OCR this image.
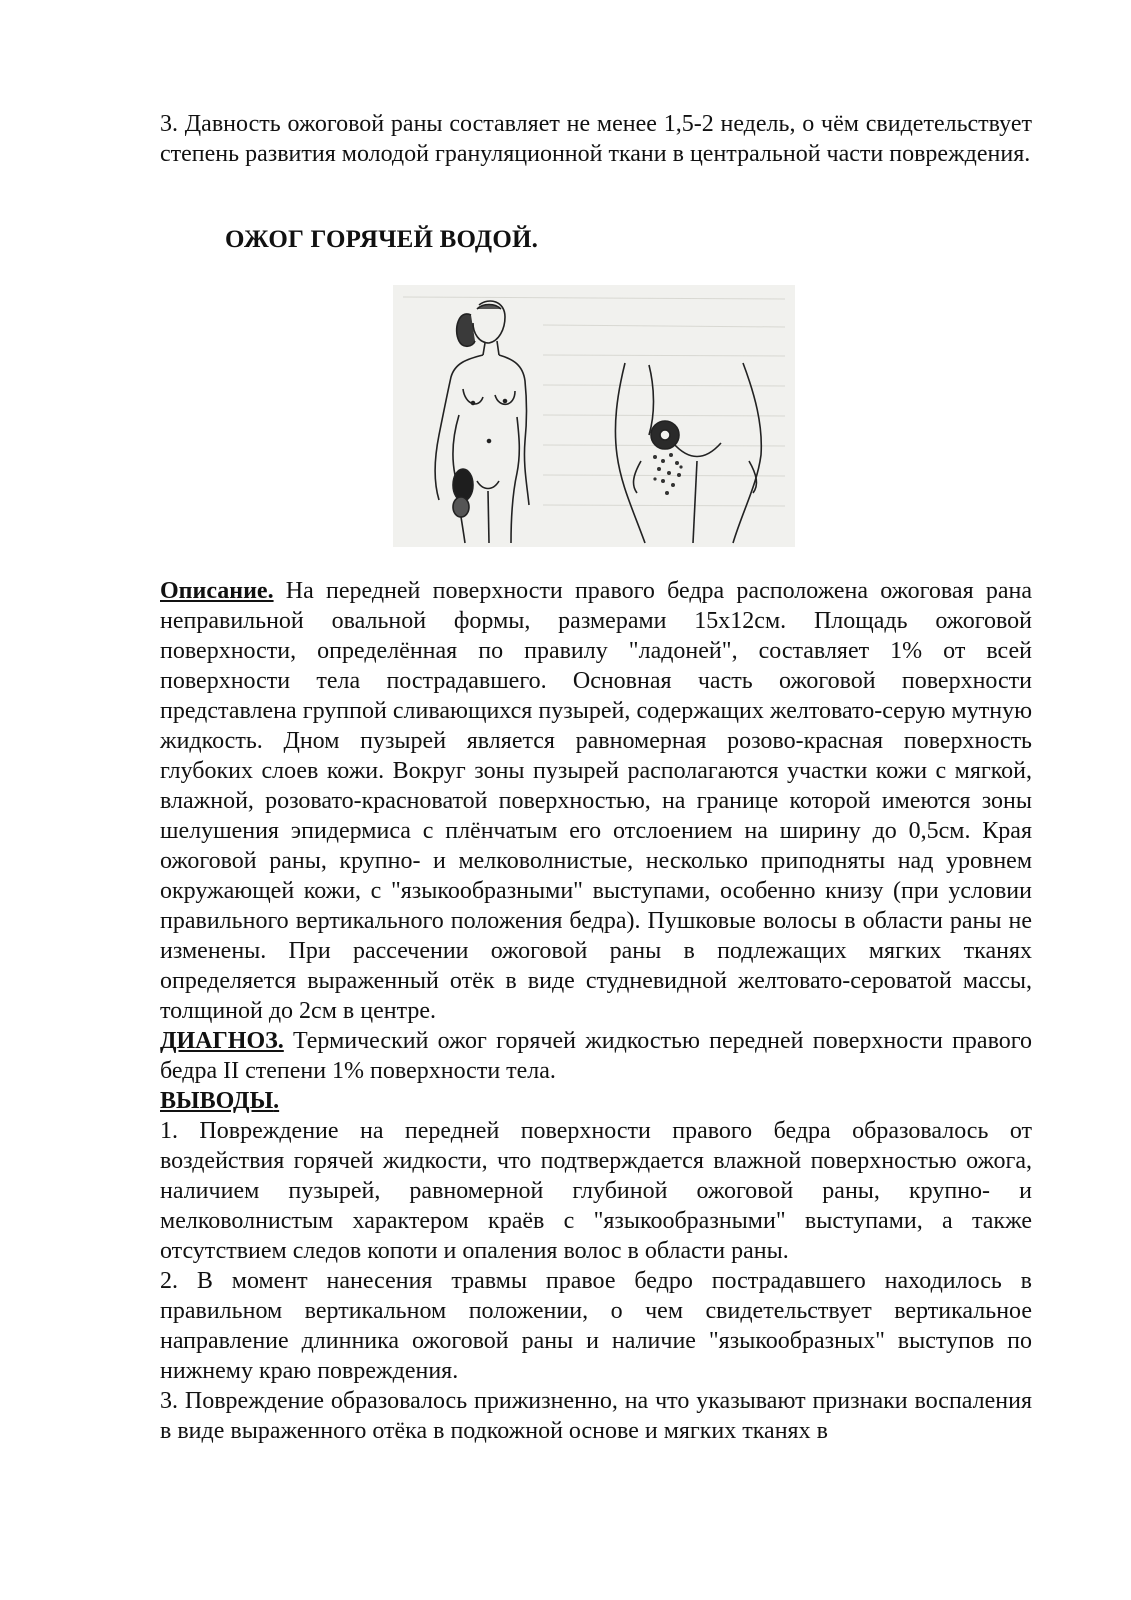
3. Давность ожоговой раны составляет не менее 1,5-2 недель, о чём свидетельствует степень развития молодой грануляционной ткани в центральной части повреждения.

ОЖОГ ГОРЯЧЕЙ ВОДОЙ.

Описание. На передней поверхности правого бедра расположена ожоговая рана неправильной овальной формы, размерами 15х12см. Площадь ожоговой поверхности, определённая по правилу "ладоней", составляет 1% от всей поверхности тела пострадавшего. Основная часть ожоговой поверхности представлена группой сливающихся пузырей, содержащих желтовато-серую мутную жидкость. Дном пузырей является равномерная розово-красная поверхность глубоких слоев кожи. Вокруг зоны пузырей располагаются участки кожи с мягкой, влажной, розовато-красноватой поверхностью, на границе которой имеются зоны шелушения эпидермиса с плёнчатым его отслоением на ширину до 0,5см. Края ожоговой раны, крупно- и мелковолнистые, несколько приподняты над уровнем окружающей кожи, с "языкообразными" выступами, особенно книзу (при условии правильного вертикального положения бедра). Пушковые волосы в области раны не изменены. При рассечении ожоговой раны в подлежащих мягких тканях определяется выраженный отёк в виде студневидной желтовато-сероватой массы, толщиной до 2см в центре.

ДИАГНОЗ. Термический ожог горячей жидкостью передней поверхности правого бедра II степени 1% поверхности тела.

ВЫВОДЫ.

1. Повреждение на передней поверхности правого бедра образовалось от воздействия горячей жидкости, что подтверждается влажной поверхностью ожога, наличием пузырей, равномерной глубиной ожоговой раны, крупно- и мелковолнистым характером краёв с "языкообразными" выступами, а также отсутствием следов копоти и опаления волос в области раны.

2. В момент нанесения травмы правое бедро пострадавшего находилось в правильном вертикальном положении, о чем свидетельствует вертикальное направление длинника ожоговой раны и наличие "языкообразных" выступов по нижнему краю повреждения.

3. Повреждение образовалось прижизненно, на что указывают признаки воспаления в виде выраженного отёка в подкожной основе и мягких тканях в
